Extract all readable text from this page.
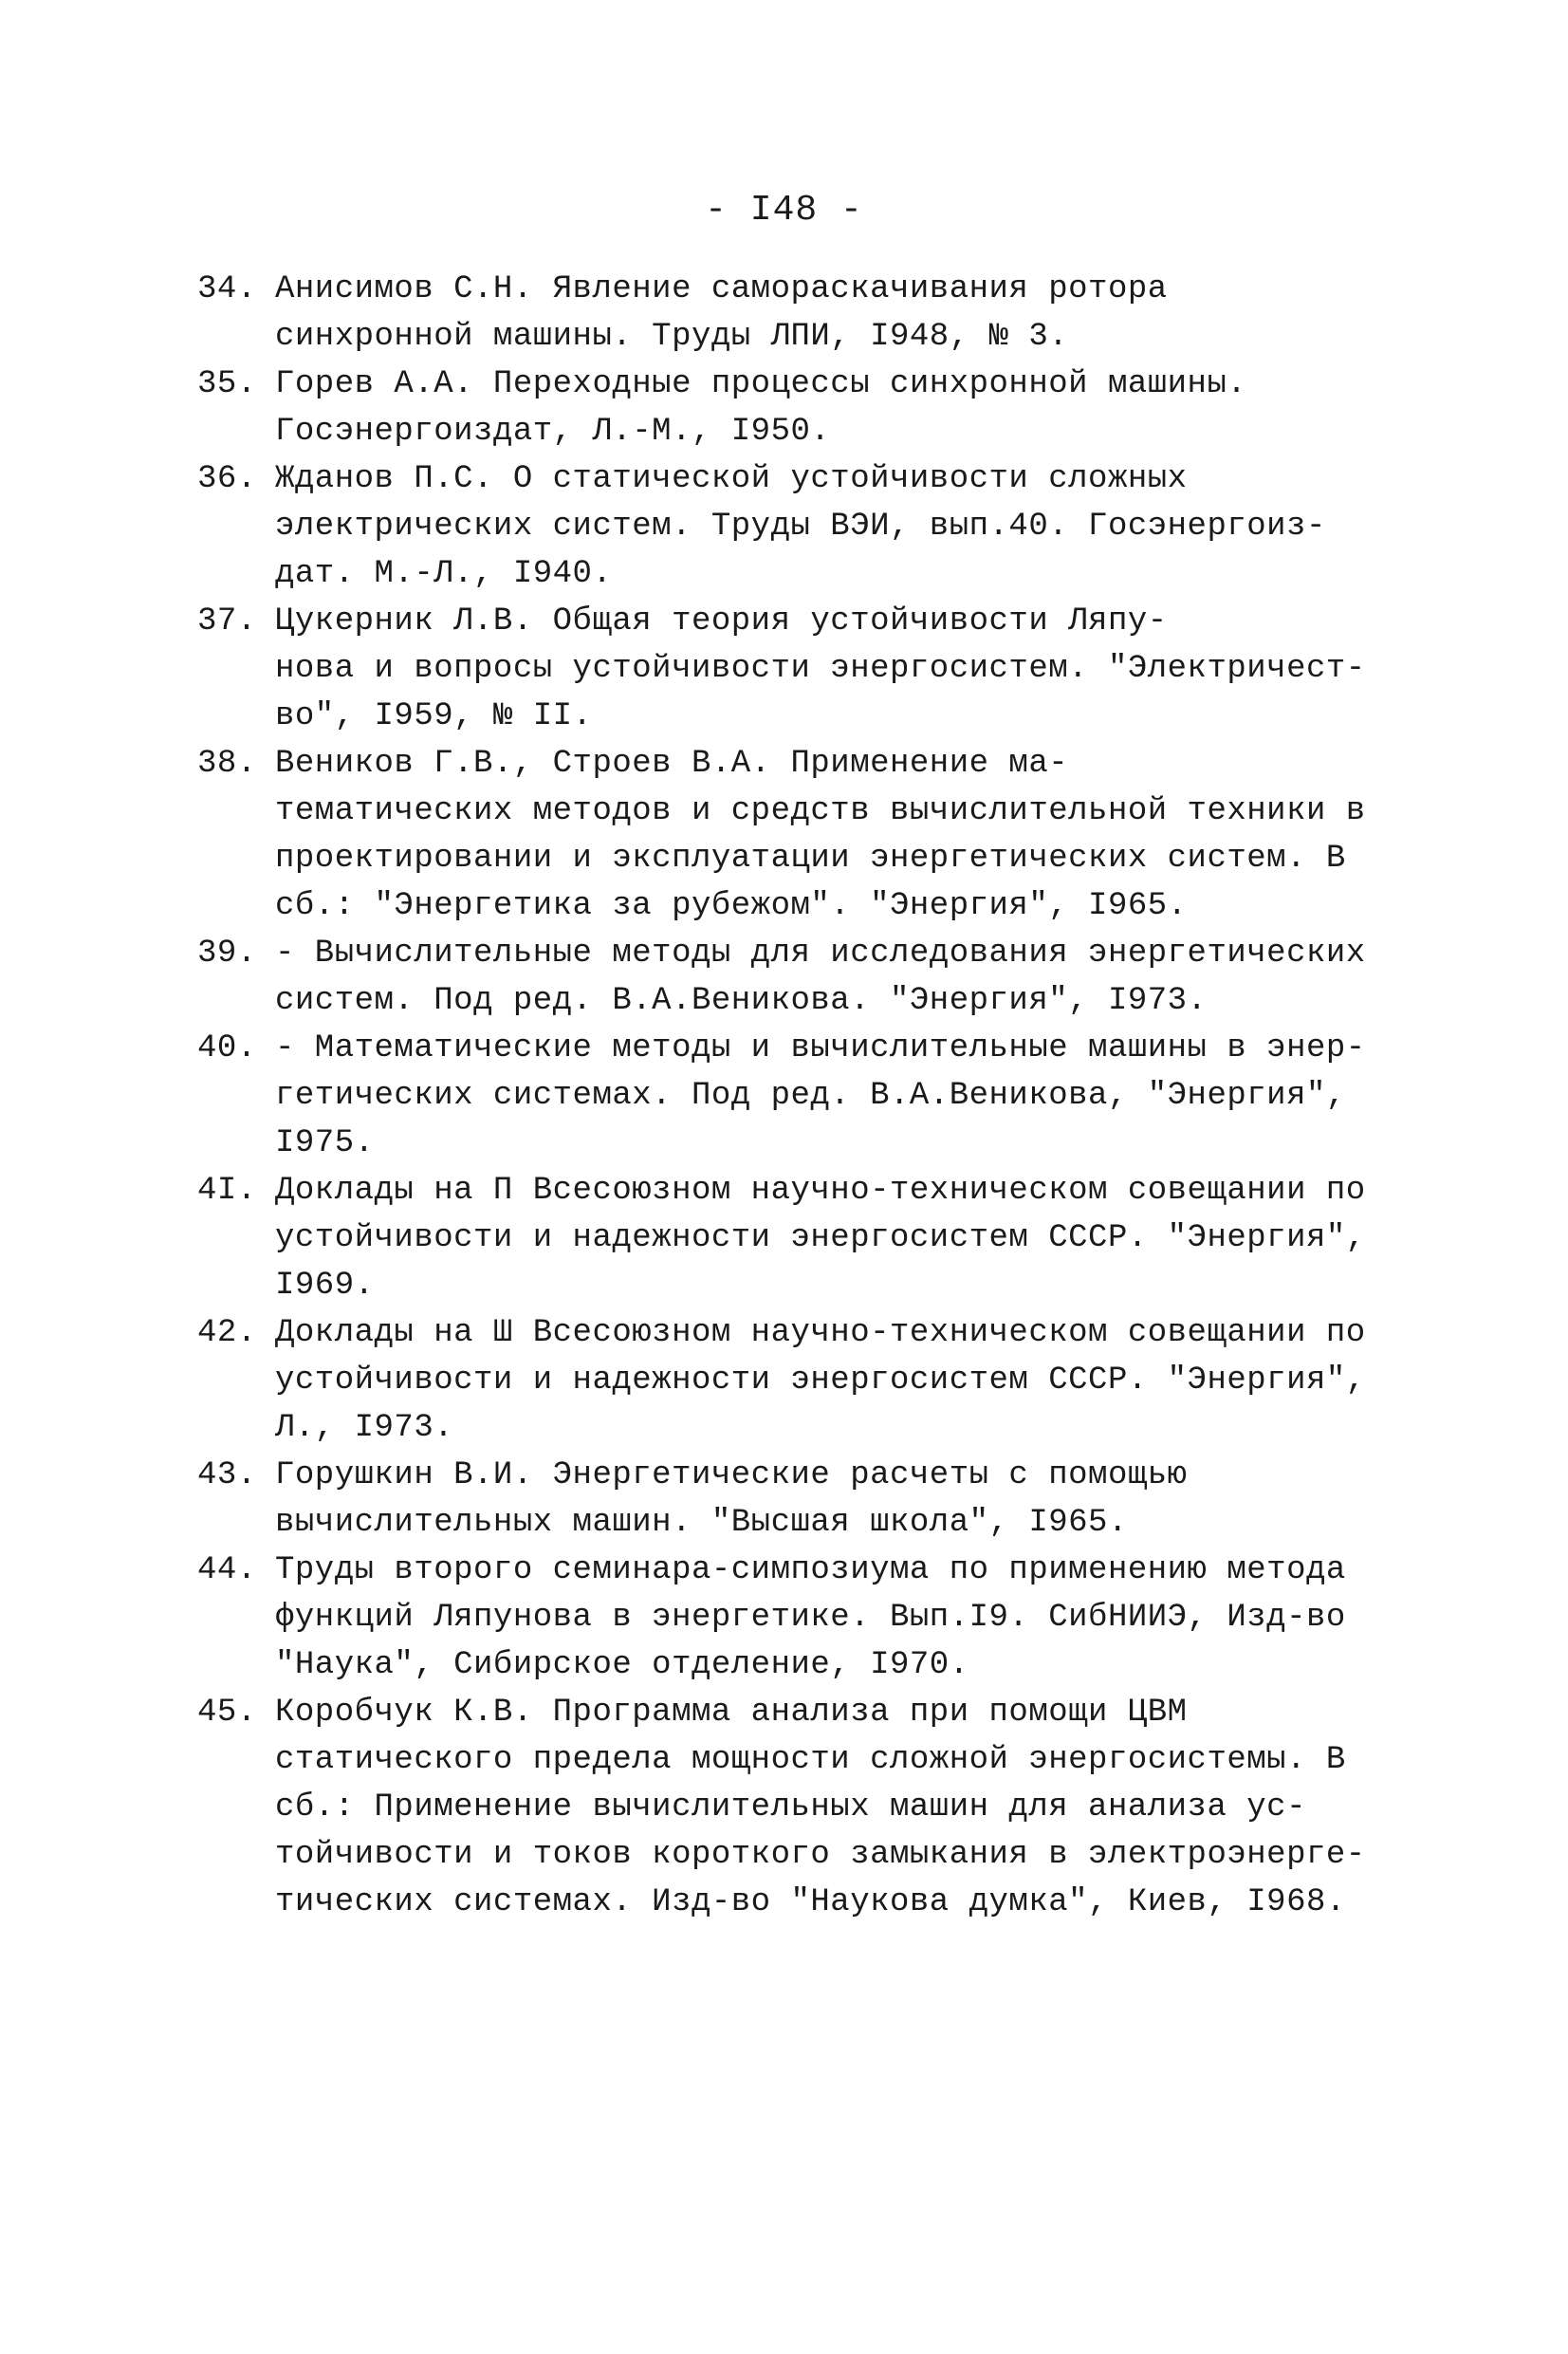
- I48 -
34. Анисимов С.Н. Явление самораскачивания ротора
синхронной машины. Труды ЛПИ, I948, № 3.
35. Горев А.А. Переходные процессы синхронной машины.
Госэнергоиздат, Л.-М., I950.
36. Жданов П.С. О статической устойчивости сложных
электрических систем. Труды ВЭИ, вып.40. Госэнергоиз-
дат. М.-Л., I940.
37. Цукерник Л.В. Общая теория устойчивости Ляпу-
нова и вопросы устойчивости энергосистем. "Электричест-
во", I959, № II.
38. Веников Г.В., Строев В.А. Применение ма-
тематических методов и средств вычислительной техники в
проектировании и эксплуатации энергетических систем. В
сб.: "Энергетика за рубежом". "Энергия", I965.
39. - Вычислительные методы для исследования энергетических
систем. Под ред. В.А.Веникова. "Энергия", I973.
40. - Математические методы и вычислительные машины в энер-
гетических системах. Под ред. В.А.Веникова, "Энергия",
I975.
4I. Доклады на П Всесоюзном научно-техническом совещании по
устойчивости и надежности энергосистем СССР. "Энергия",
I969.
42. Доклады на Ш Всесоюзном научно-техническом совещании по
устойчивости и надежности энергосистем СССР. "Энергия",
Л., I973.
43. Горушкин В.И. Энергетические расчеты с помощью
вычислительных машин. "Высшая школа", I965.
44. Труды второго семинара-симпозиума по применению метода
функций Ляпунова в энергетике. Вып.I9. СибНИИЭ, Изд-во
"Наука", Сибирское отделение, I970.
45. Коробчук К.В. Программа анализа при помощи ЦВМ
статического предела мощности сложной энергосистемы. В
сб.: Применение вычислительных машин для анализа ус-
тойчивости и токов короткого замыкания в электроэнерге-
тических системах. Изд-во "Наукова думка", Киев, I968.
